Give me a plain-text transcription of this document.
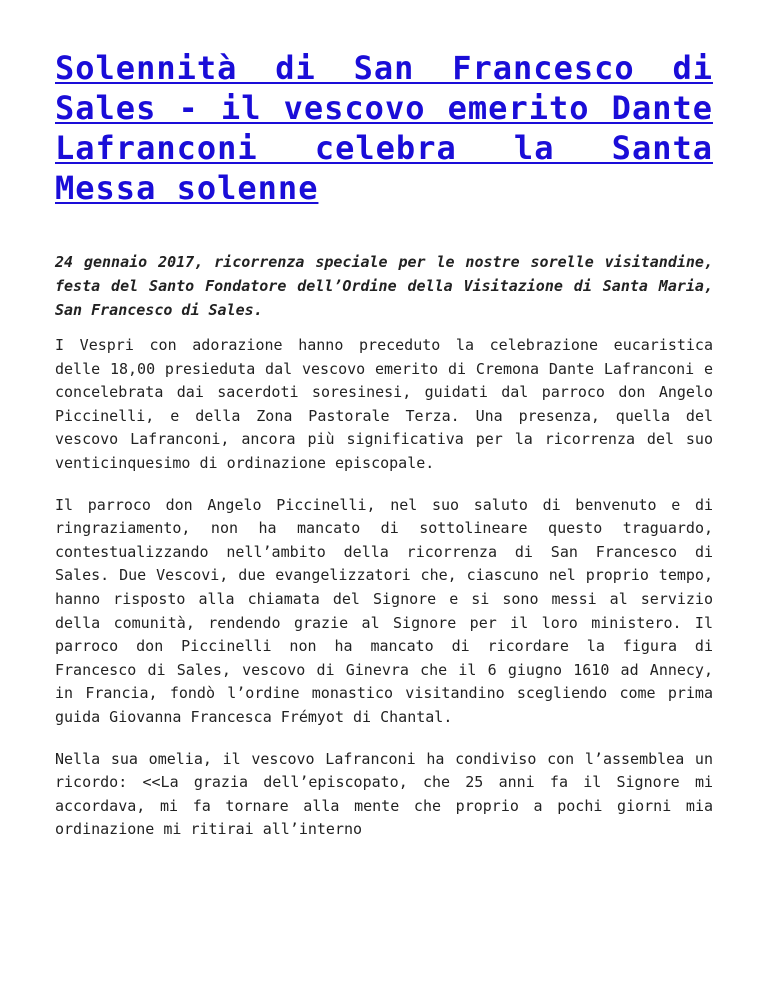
Solennità di San Francesco di Sales - il vescovo emerito Dante Lafranconi celebra la Santa Messa solenne

24 gennaio 2017, ricorrenza speciale per le nostre sorelle visitandine, festa del Santo Fondatore dell’Ordine della Visitazione di Santa Maria, San Francesco di Sales.

I Vespri con adorazione hanno preceduto la celebrazione eucaristica delle 18,00 presieduta dal vescovo emerito di Cremona Dante Lafranconi e concelebrata dai sacerdoti soresinesi, guidati dal parroco don Angelo Piccinelli, e della Zona Pastorale Terza. Una presenza, quella del vescovo Lafranconi, ancora più significativa per la ricorrenza del suo venticinquesimo di ordinazione episcopale.

Il parroco don Angelo Piccinelli, nel suo saluto di benvenuto e di ringraziamento, non ha mancato di sottolineare questo traguardo, contestualizzando nell’ambito della ricorrenza di San Francesco di Sales. Due Vescovi, due evangelizzatori che, ciascuno nel proprio tempo, hanno risposto alla chiamata del Signore e si sono messi al servizio della comunità, rendendo grazie al Signore per il loro ministero. Il parroco don Piccinelli non ha mancato di ricordare la figura di Francesco di Sales, vescovo di Ginevra che il 6 giugno 1610 ad Annecy, in Francia, fondò l’ordine monastico visitandino scegliendo come prima guida Giovanna Francesca Frémyot di Chantal.

Nella sua omelia, il vescovo Lafranconi ha condiviso con l’assemblea un ricordo: <<La grazia dell’episcopato, che 25 anni fa il Signore mi accordava, mi fa tornare alla mente che proprio a pochi giorni mia ordinazione mi ritirai all’interno
